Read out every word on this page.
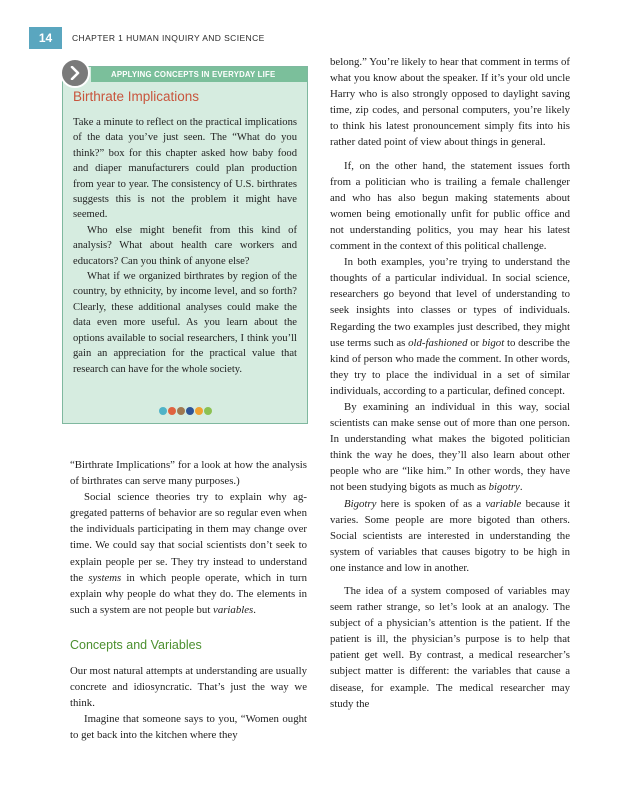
14	CHAPTER 1 HUMAN INQUIRY AND SCIENCE
APPLYING CONCEPTS IN EVERYDAY LIFE
Birthrate Implications

Take a minute to reflect on the practical implications of the data you’ve just seen. The “What do you think?” box for this chapter asked how baby food and diaper manufacturers could plan production from year to year. The consistency of U.S. birthrates suggests this is not the problem it might have seemed.

Who else might benefit from this kind of analysis? What about health care workers and educators? Can you think of anyone else?

What if we organized birthrates by region of the country, by ethnicity, by income level, and so forth? Clearly, these additional analyses could make the data even more useful. As you learn about the options available to social researchers, I think you’ll gain an appreciation for the practical value that research can have for the whole society.

“Birthrate Implications” for a look at how the analysis of birthrates can serve many purposes.)

Social science theories try to explain why aggregated patterns of behavior are so regular even when the individuals participating in them may change over time. We could say that social scientists don’t seek to explain people per se. They try instead to understand the systems in which people operate, which in turn explain why people do what they do. The elements in such a system are not people but variables.

Concepts and Variables

Our most natural attempts at understanding are usually concrete and idiosyncratic. That’s just the way we think.

Imagine that someone says to you, “Women ought to get back into the kitchen where they

belong.” You’re likely to hear that comment in terms of what you know about the speaker. If it’s your old uncle Harry who is also strongly opposed to daylight saving time, zip codes, and personal computers, you’re likely to think his latest pronouncement simply fits into his rather dated point of view about things in general.

If, on the other hand, the statement issues forth from a politician who is trailing a female challenger and who has also begun making statements about women being emotionally unfit for public office and not understanding politics, you may hear his latest comment in the context of this political challenge.

In both examples, you’re trying to understand the thoughts of a particular individual. In social science, researchers go beyond that level of understanding to seek insights into classes or types of individuals. Regarding the two examples just described, they might use terms such as old-fashioned or bigot to describe the kind of person who made the comment. In other words, they try to place the individual in a set of similar individuals, according to a particular, defined concept.

By examining an individual in this way, social scientists can make sense out of more than one person. In understanding what makes the bigoted politician think the way he does, they’ll also learn about other people who are “like him.” In other words, they have not been studying bigots as much as bigotry.

Bigotry here is spoken of as a variable because it varies. Some people are more bigoted than others. Social scientists are interested in understanding the system of variables that causes bigotry to be high in one instance and low in another.

The idea of a system composed of variables may seem rather strange, so let’s look at an analogy. The subject of a physician’s attention is the patient. If the patient is ill, the physician’s purpose is to help that patient get well. By contrast, a medical researcher’s subject matter is different: the variables that cause a disease, for example. The medical researcher may study the
